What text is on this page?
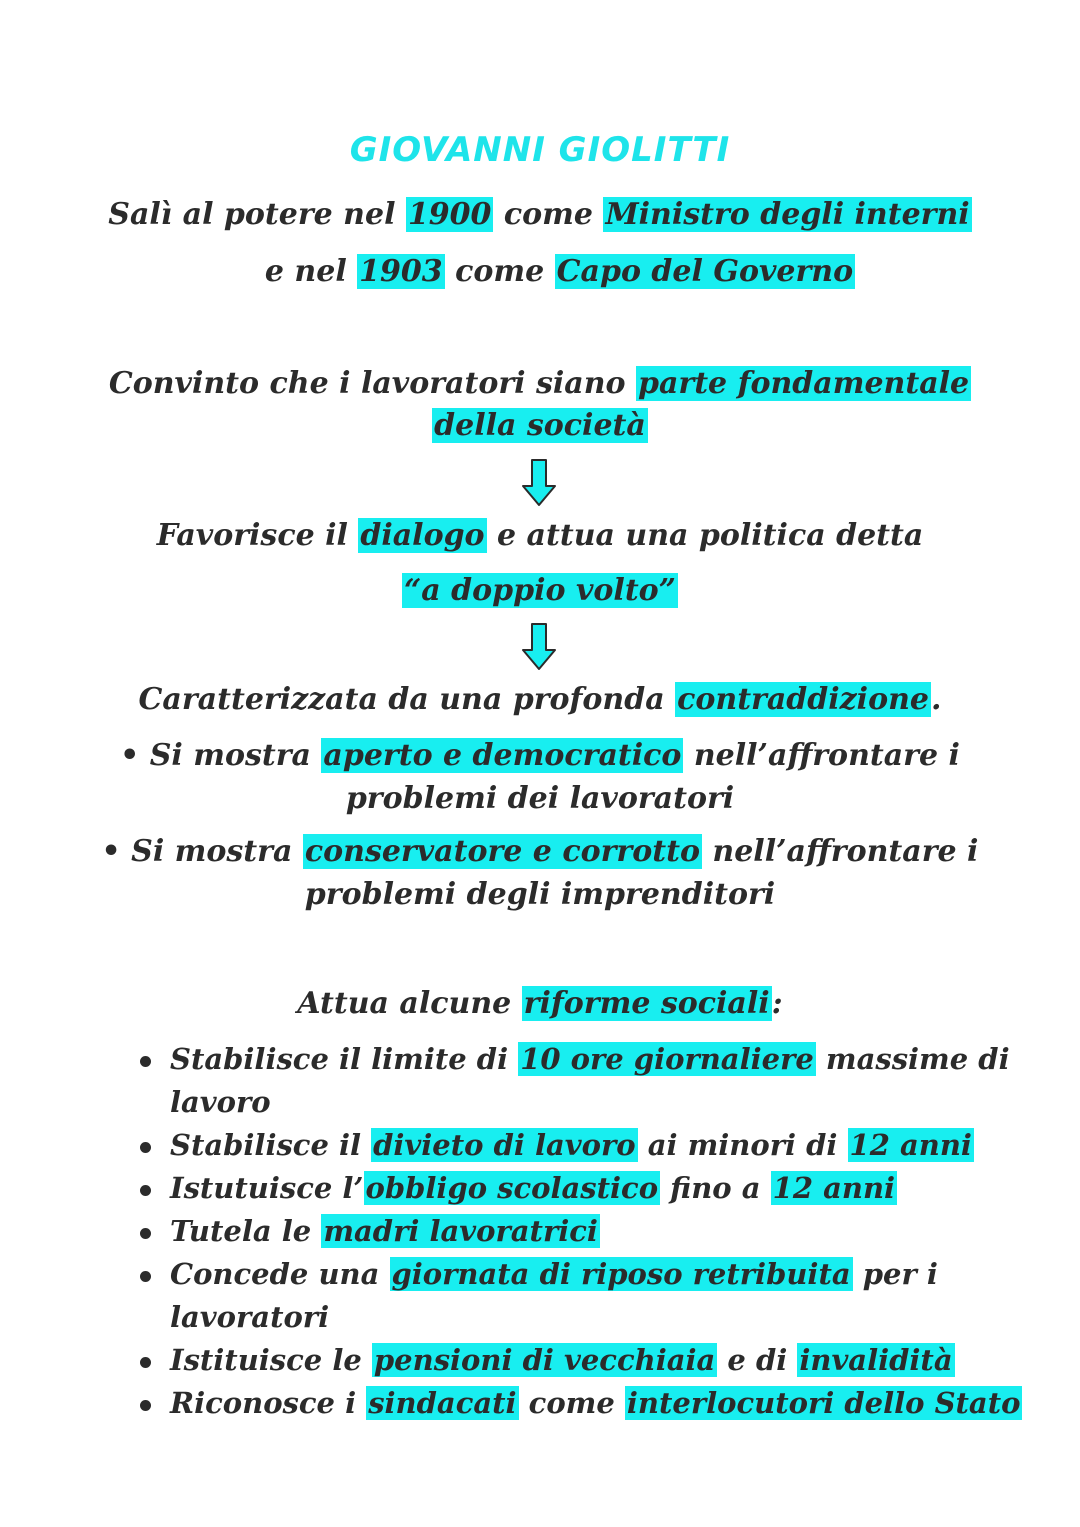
GIOVANNI GIOLITTI
Salì al potere nel 1900 come Ministro degli interni
e nel 1903 come Capo del Governo
Convinto che i lavoratori siano parte fondamentale
della società
Favorisce il dialogo e attua una politica detta
“a doppio volto”
Caratterizzata da una profonda contraddizione.
• Si mostra aperto e democratico nell’affrontare i
problemi dei lavoratori
• Si mostra conservatore e corrotto nell’affrontare i
problemi degli imprenditori
Attua alcune riforme sociali:
Stabilisce il limite di 10 ore giornaliere massime di
lavoro
Stabilisce il divieto di lavoro ai minori di 12 anni
Istutuisce l’obbligo scolastico fino a 12 anni
Tutela le madri lavoratrici
Concede una giornata di riposo retribuita per i
lavoratori
Istituisce le pensioni di vecchiaia e di invalidità
Riconosce i sindacati come interlocutori dello Stato
